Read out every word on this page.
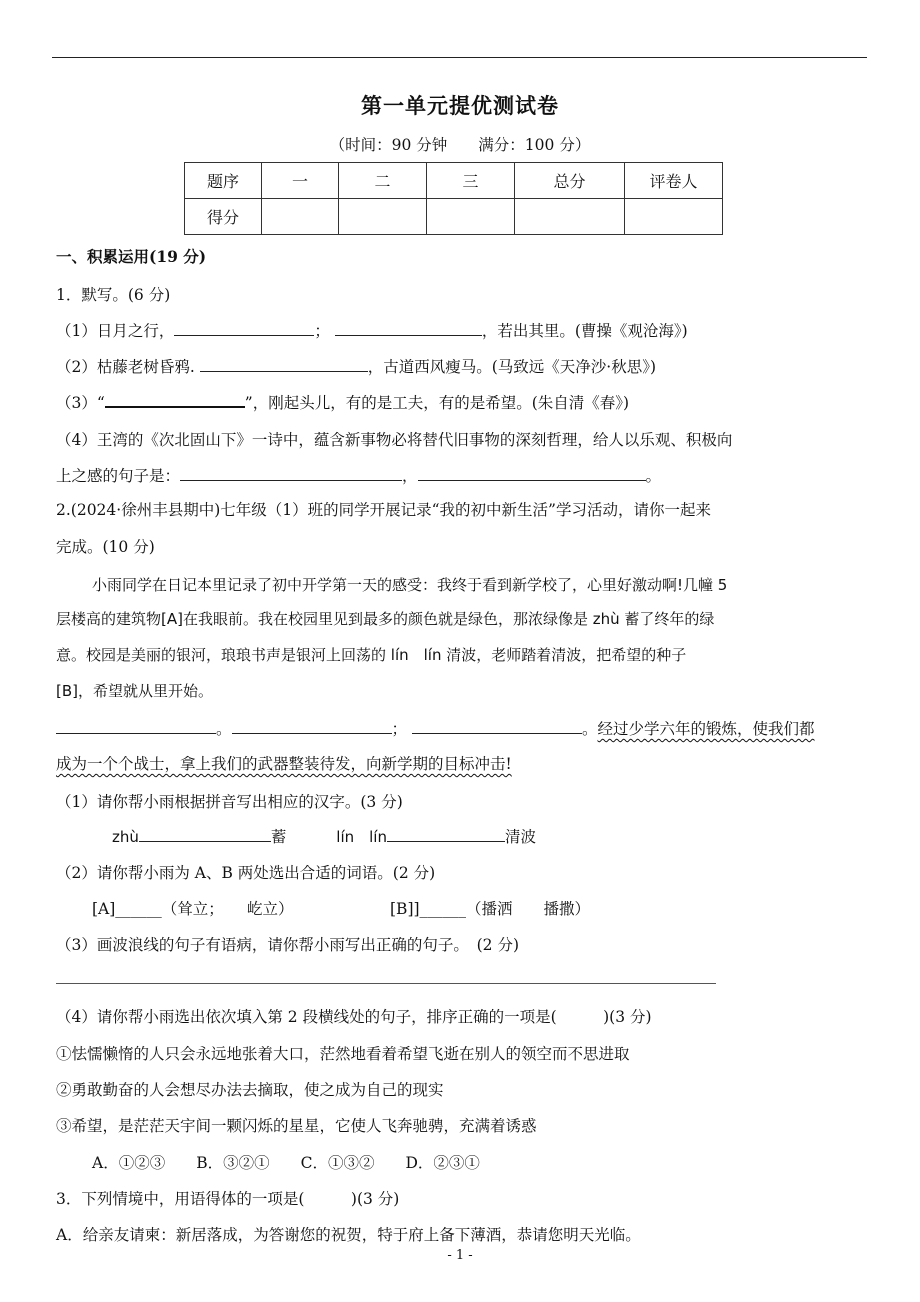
第一单元提优测试卷
（时间：90 分钟　　满分：100 分）
题序	一	二	三	总分	评卷人
得分					
一、积累运用(19 分)
1．默写。(6 分)
（1）日月之行，	；	，若出其里。(曹操《观沧海》)
（2）枯藤老树昏鸦.	，古道西风瘦马。(马致远《天净沙·秋思》)
（3）“	”，刚起头儿，有的是工夫，有的是希望。(朱自清《春》)
（4）王湾的《次北固山下》一诗中，蕴含新事物必将替代旧事物的深刻哲理，给人以乐观、积极向
上之感的句子是：	，	。
2.(2024·徐州丰县期中)七年级（1）班的同学开展记录“我的初中新生活”学习活动，请你一起来
完成。(10 分)
小雨同学在日记本里记录了初中开学第一天的感受：我终于看到新学校了，心里好激动啊!几幢 5
层楼高的建筑物[A]在我眼前。我在校园里见到最多的颜色就是绿色，那浓绿像是 zhù 蓄了终年的绿
意。校园是美丽的银河，琅琅书声是银河上回荡的 lín　lín 清波，老师踏着清波，把希望的种子
[B]，希望就从里开始。
。	；	。经过少学六年的锻炼，使我们都
成为一个个战士，拿上我们的武器整装待发，向新学期的目标冲击!
（1）请你帮小雨根据拼音写出相应的汉字。(3 分)
zhù	蓄	lín　lín	清波
（2）请你帮小雨为 A、B 两处选出合适的词语。(2 分)
[A]______（耸立；　　屹立）	[B]]______（播洒　　播撒）
（3）画波浪线的句子有语病，请你帮小雨写出正确的句子。　(2 分)
（4）请你帮小雨选出依次填入第 2 段横线处的句子，排序正确的一项是(　　　)(3 分)
①怯懦懒惰的人只会永远地张着大口，茫然地看着希望飞逝在别人的领空而不思进取
②勇敢勤奋的人会想尽办法去摘取，使之成为自己的现实
③希望，是茫茫天宇间一颗闪烁的星星，它使人飞奔驰骋，充满着诱惑
A．①②③　　B．③②①　　C．①③②　　D．②③①
3．下列情境中，用语得体的一项是(　　　)(3 分)
A．给亲友请柬：新居落成，为答谢您的祝贺，特于府上备下薄酒，恭请您明天光临。
- 1 -
